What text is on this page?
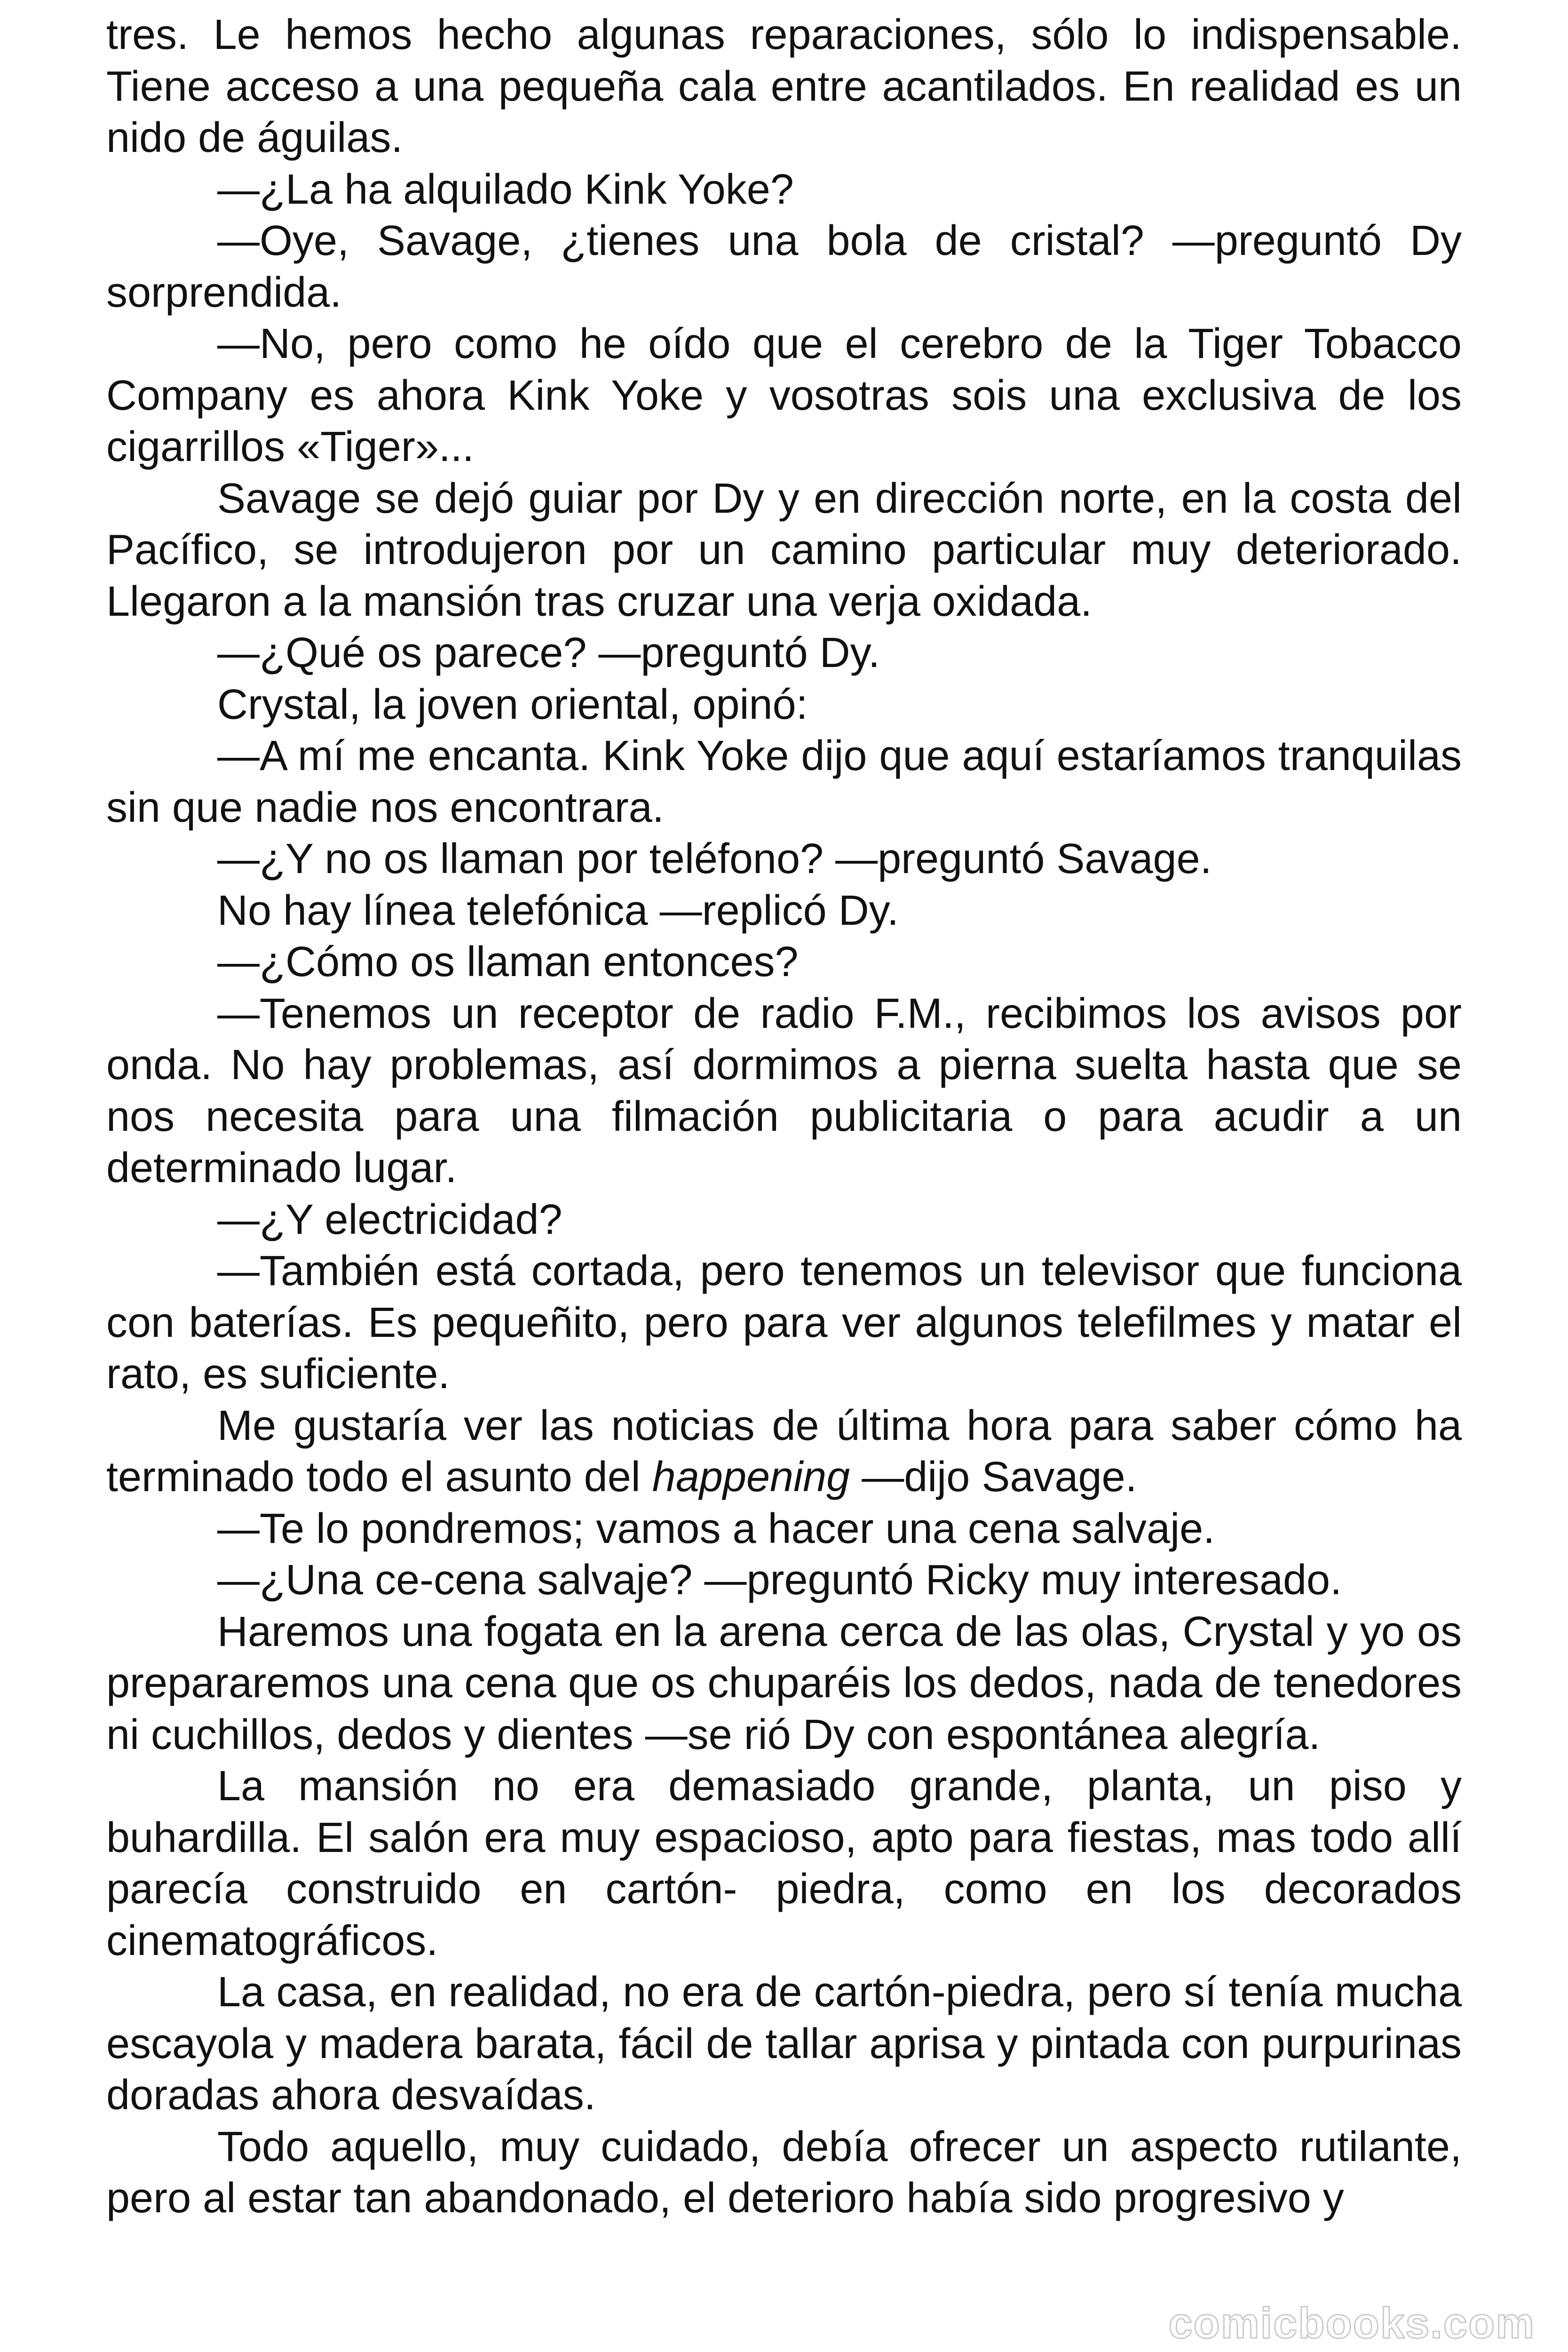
tres. Le hemos hecho algunas reparaciones, sólo lo indispensable. Tiene acceso a una pequeña cala entre acantilados. En realidad es un nido de águilas.

—¿La ha alquilado Kink Yoke?

—Oye, Savage, ¿tienes una bola de cristal? —preguntó Dy sorprendida.

—No, pero como he oído que el cerebro de la Tiger Tobacco Company es ahora Kink Yoke y vosotras sois una exclusiva de los cigarrillos «Tiger»...

Savage se dejó guiar por Dy y en dirección norte, en la costa del Pacífico, se introdujeron por un camino particular muy deteriorado. Llegaron a la mansión tras cruzar una verja oxidada.

—¿Qué os parece? —preguntó Dy.

Crystal, la joven oriental, opinó:

—A mí me encanta. Kink Yoke dijo que aquí estaríamos tranquilas sin que nadie nos encontrara.

—¿Y no os llaman por teléfono? —preguntó Savage.

No hay línea telefónica —replicó Dy.

—¿Cómo os llaman entonces?

—Tenemos un receptor de radio F.M., recibimos los avisos por onda. No hay problemas, así dormimos a pierna suelta hasta que se nos necesita para una filmación publicitaria o para acudir a un determinado lugar.

—¿Y electricidad?

—También está cortada, pero tenemos un televisor que funciona con baterías. Es pequeñito, pero para ver algunos telefilmes y matar el rato, es suficiente.

Me gustaría ver las noticias de última hora para saber cómo ha terminado todo el asunto del happening —dijo Savage.

—Te lo pondremos; vamos a hacer una cena salvaje.

—¿Una ce-cena salvaje? —preguntó Ricky muy interesado.

Haremos una fogata en la arena cerca de las olas, Crystal y yo os prepararemos una cena que os chuparéis los dedos, nada de tenedores ni cuchillos, dedos y dientes —se rió Dy con espontánea alegría.

La mansión no era demasiado grande, planta, un piso y buhardilla. El salón era muy espacioso, apto para fiestas, mas todo allí parecía construido en cartón- piedra, como en los decorados cinematográficos.

La casa, en realidad, no era de cartón-piedra, pero sí tenía mucha escayola y madera barata, fácil de tallar aprisa y pintada con purpurinas doradas ahora desvaídas.

Todo aquello, muy cuidado, debía ofrecer un aspecto rutilante, pero al estar tan abandonado, el deterioro había sido progresivo y

comicbooks.com
